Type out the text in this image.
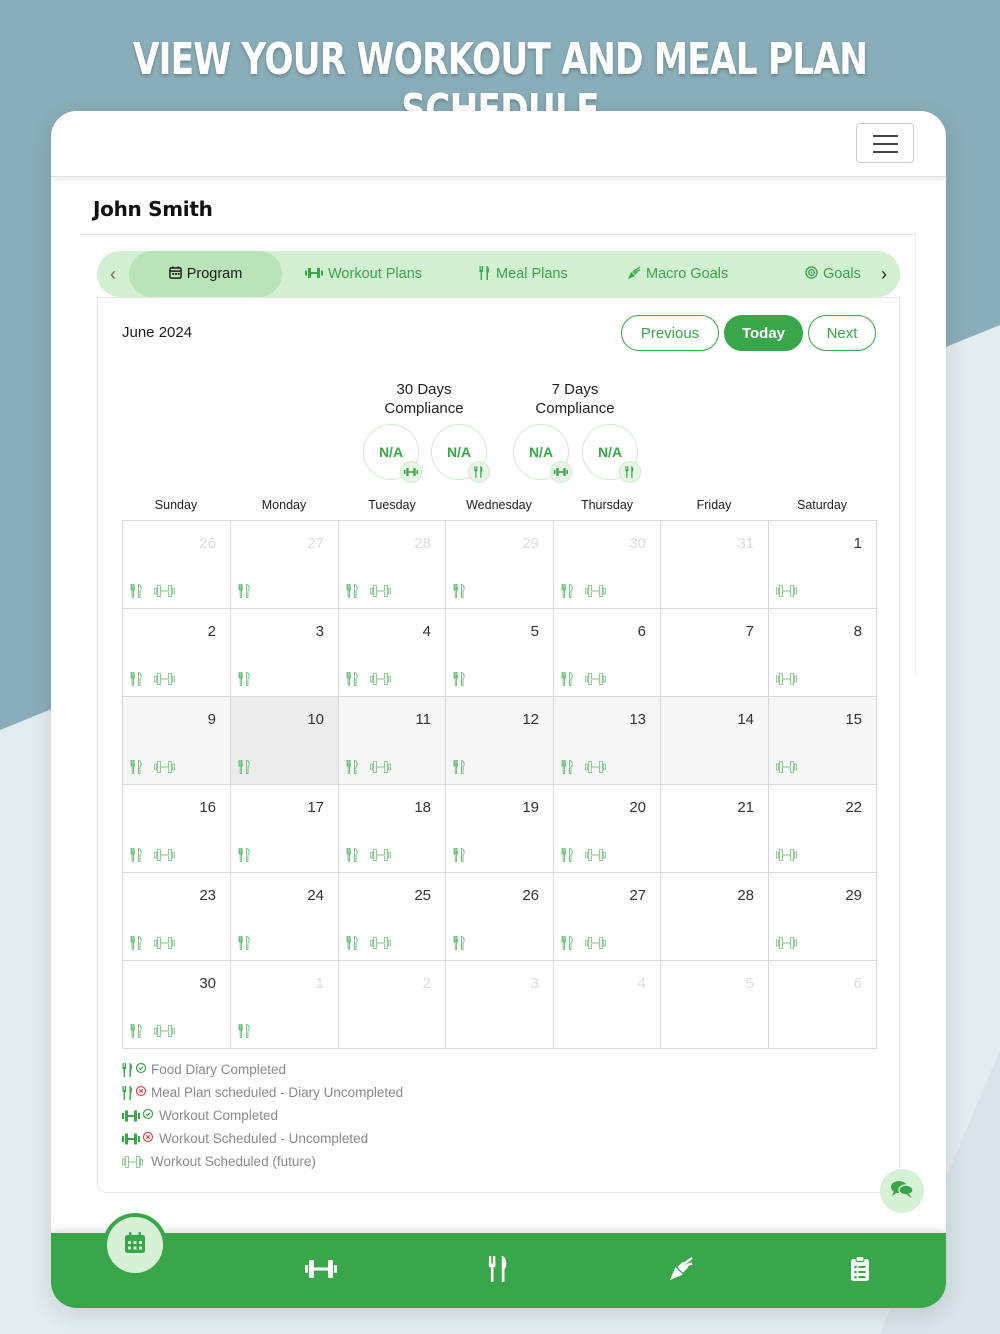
VIEW YOUR WORKOUT AND MEAL PLAN
John Smith
‹	Program	Workout Plans	Meal Plans	Macro Goals	Goals	›
June 2024	Previous	Today	Next
30 Days
Compliance
N/A	N/A
7 Days
Compliance
N/A	N/A
Sunday	Monday	Tuesday	Wednesday	Thursday	Friday	Saturday
26	27	28	29	30	31	1
2	3	4	5	6	7	8
9	10	11	12	13	14	15
16	17	18	19	20	21	22
23	24	25	26	27	28	29
30	1	2	3	4	5	6
Food Diary Completed
Meal Plan scheduled - Diary Uncompleted
Workout Completed
Workout Scheduled - Uncompleted
Workout Scheduled (future)
